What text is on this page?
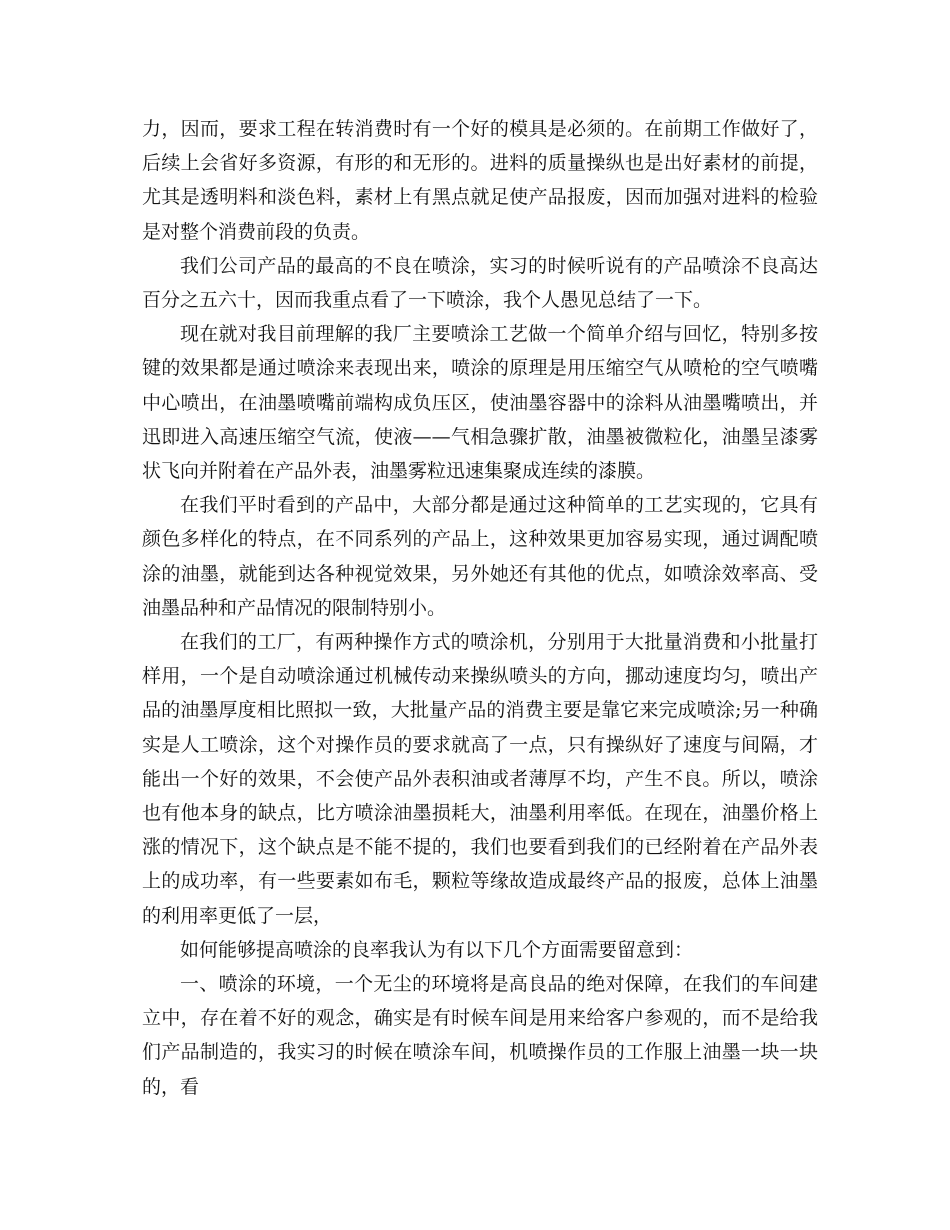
力，因而，要求工程在转消费时有一个好的模具是必须的。在前期工作做好了，后续上会省好多资源，有形的和无形的。进料的质量操纵也是出好素材的前提，尤其是透明料和淡色料，素材上有黑点就足使产品报废，因而加强对进料的检验是对整个消费前段的负责。

我们公司产品的最高的不良在喷涂，实习的时候听说有的产品喷涂不良高达百分之五六十，因而我重点看了一下喷涂，我个人愚见总结了一下。

现在就对我目前理解的我厂主要喷涂工艺做一个简单介绍与回忆，特别多按键的效果都是通过喷涂来表现出来，喷涂的原理是用压缩空气从喷枪的空气喷嘴中心喷出，在油墨喷嘴前端构成负压区，使油墨容器中的涂料从油墨嘴喷出，并迅即进入高速压缩空气流，使液——气相急骤扩散，油墨被微粒化，油墨呈漆雾状飞向并附着在产品外表，油墨雾粒迅速集聚成连续的漆膜。

在我们平时看到的产品中，大部分都是通过这种简单的工艺实现的，它具有颜色多样化的特点，在不同系列的产品上，这种效果更加容易实现，通过调配喷涂的油墨，就能到达各种视觉效果，另外她还有其他的优点，如喷涂效率高、受油墨品种和产品情况的限制特别小。

在我们的工厂，有两种操作方式的喷涂机，分别用于大批量消费和小批量打样用，一个是自动喷涂通过机械传动来操纵喷头的方向，挪动速度均匀，喷出产品的油墨厚度相比照拟一致，大批量产品的消费主要是靠它来完成喷涂;另一种确实是人工喷涂，这个对操作员的要求就高了一点，只有操纵好了速度与间隔，才能出一个好的效果，不会使产品外表积油或者薄厚不均，产生不良。所以，喷涂也有他本身的缺点，比方喷涂油墨损耗大，油墨利用率低。在现在，油墨价格上涨的情况下，这个缺点是不能不提的，我们也要看到我们的已经附着在产品外表上的成功率，有一些要素如布毛，颗粒等缘故造成最终产品的报废，总体上油墨的利用率更低了一层，

如何能够提高喷涂的良率我认为有以下几个方面需要留意到：

一、喷涂的环境，一个无尘的环境将是高良品的绝对保障，在我们的车间建立中，存在着不好的观念，确实是有时候车间是用来给客户参观的，而不是给我们产品制造的，我实习的时候在喷涂车间，机喷操作员的工作服上油墨一块一块的，看
